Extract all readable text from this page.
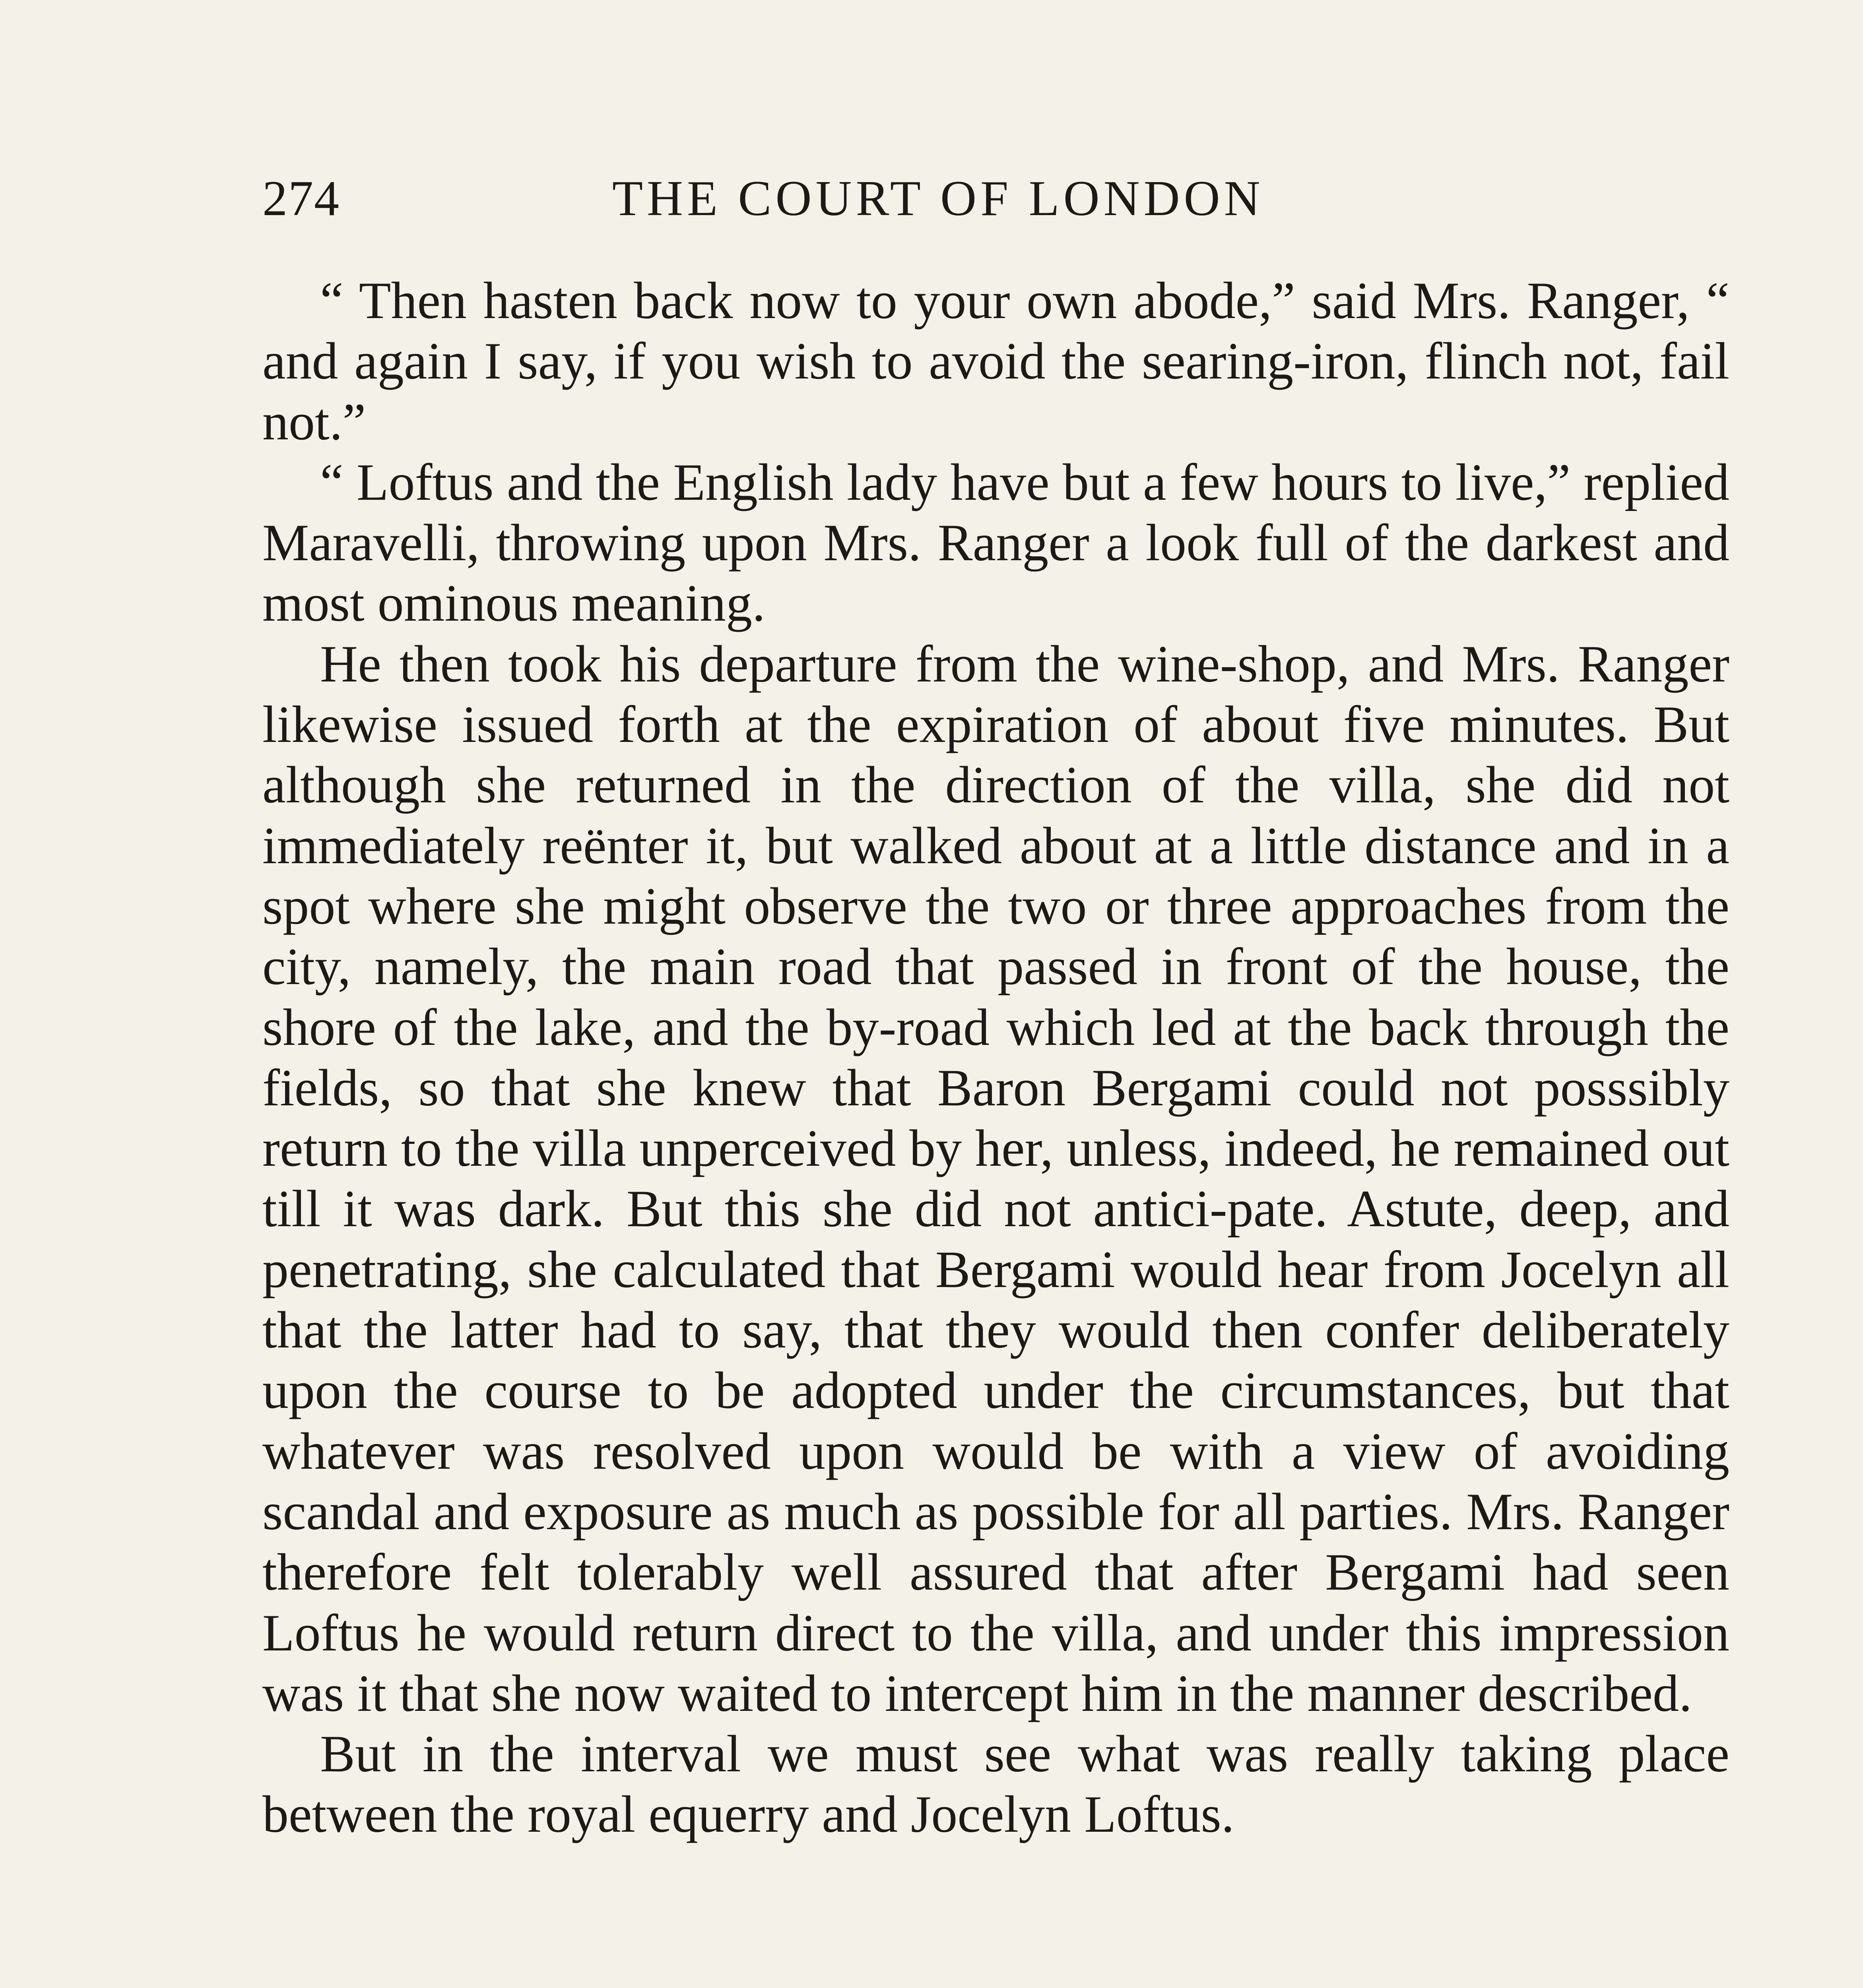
274	THE COURT OF LONDON

“ Then hasten back now to your own abode,” said Mrs. Ranger, “ and again I say, if you wish to avoid the searing-iron, flinch not, fail not.”

“ Loftus and the English lady have but a few hours to live,” replied Maravelli, throwing upon Mrs. Ranger a look full of the darkest and most ominous meaning.

He then took his departure from the wine-shop, and Mrs. Ranger likewise issued forth at the expiration of about five minutes. But although she returned in the direction of the villa, she did not immediately reënter it, but walked about at a little distance and in a spot where she might observe the two or three approaches from the city, namely, the main road that passed in front of the house, the shore of the lake, and the by-road which led at the back through the fields, so that she knew that Baron Bergami could not posssibly return to the villa unperceived by her, unless, indeed, he remained out till it was dark. But this she did not antici-pate. Astute, deep, and penetrating, she calculated that Bergami would hear from Jocelyn all that the latter had to say, that they would then confer deliberately upon the course to be adopted under the circumstances, but that whatever was resolved upon would be with a view of avoiding scandal and exposure as much as possible for all parties. Mrs. Ranger therefore felt tolerably well assured that after Bergami had seen Loftus he would return direct to the villa, and under this impression was it that she now waited to intercept him in the manner described.

But in the interval we must see what was really taking place between the royal equerry and Jocelyn Loftus.
